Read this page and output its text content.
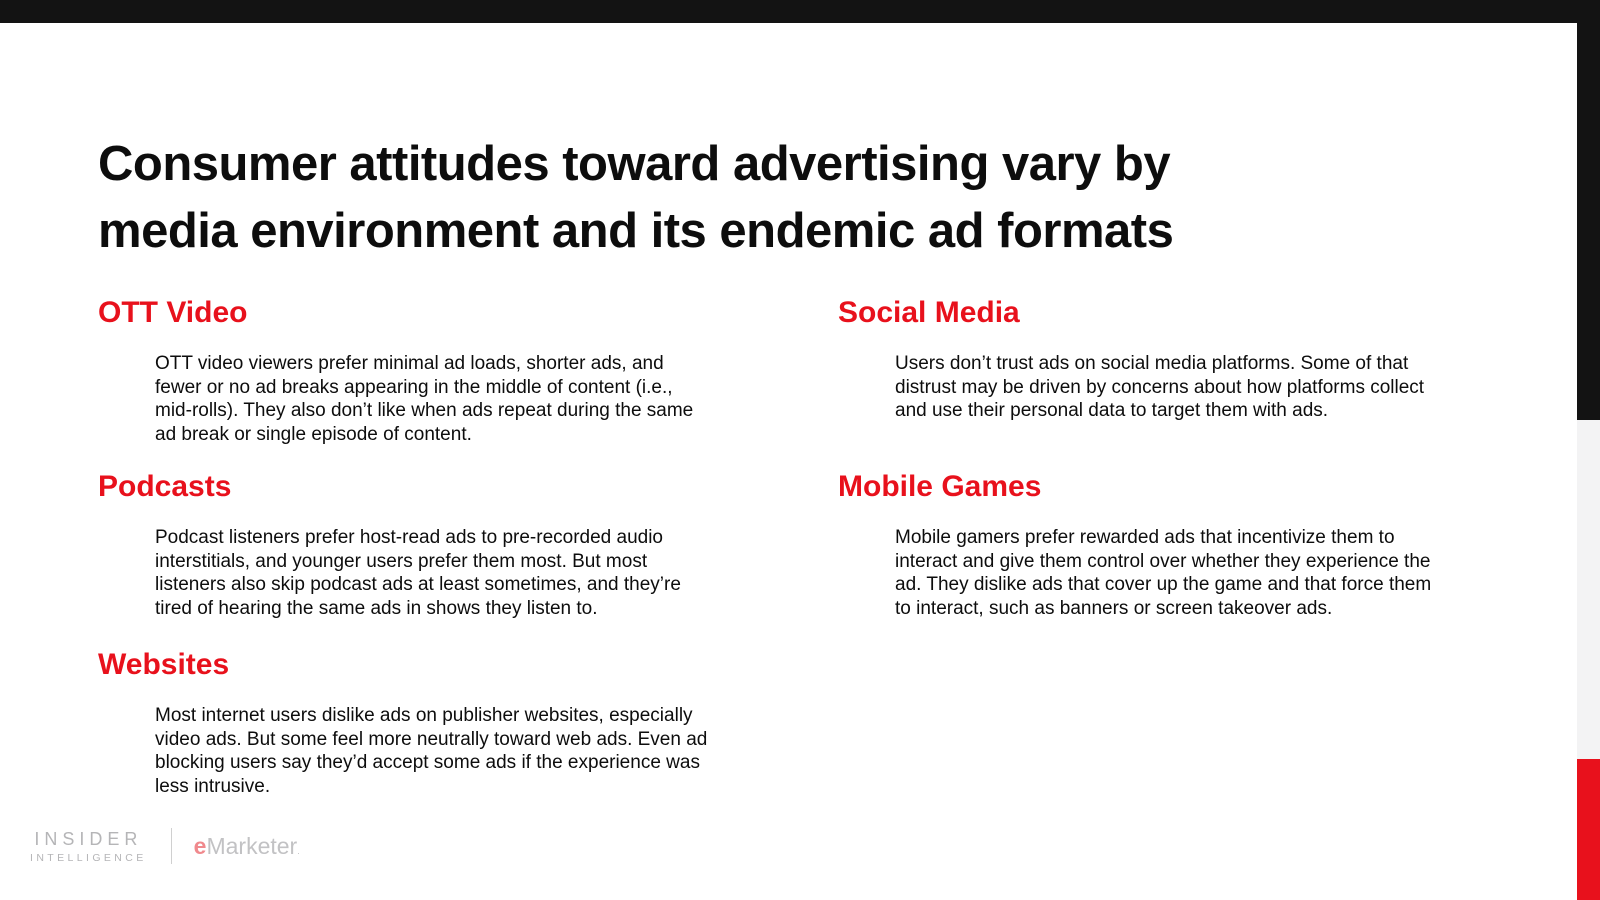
Consumer attitudes toward advertising vary by
media environment and its endemic ad formats
OTT Video

OTT video viewers prefer minimal ad loads, shorter ads, and fewer or no ad breaks appearing in the middle of content (i.e., mid-rolls). They also don’t like when ads repeat during the same ad break or single episode of content.

Podcasts

Podcast listeners prefer host-read ads to pre-recorded audio interstitials, and younger users prefer them most. But most listeners also skip podcast ads at least sometimes, and they’re tired of hearing the same ads in shows they listen to.

Websites

Most internet users dislike ads on publisher websites, especially video ads. But some feel more neutrally toward web ads. Even ad blocking users say they’d accept some ads if the experience was less intrusive.

Social Media

Users don’t trust ads on social media platforms. Some of that distrust may be driven by concerns about how platforms collect and use their personal data to target them with ads.

Mobile Games

Mobile gamers prefer rewarded ads that incentivize them to interact and give them control over whether they experience the ad. They dislike ads that cover up the game and that force them to interact, such as banners or screen takeover ads.

INSIDER
INTELLIGENCE eMarketer.
